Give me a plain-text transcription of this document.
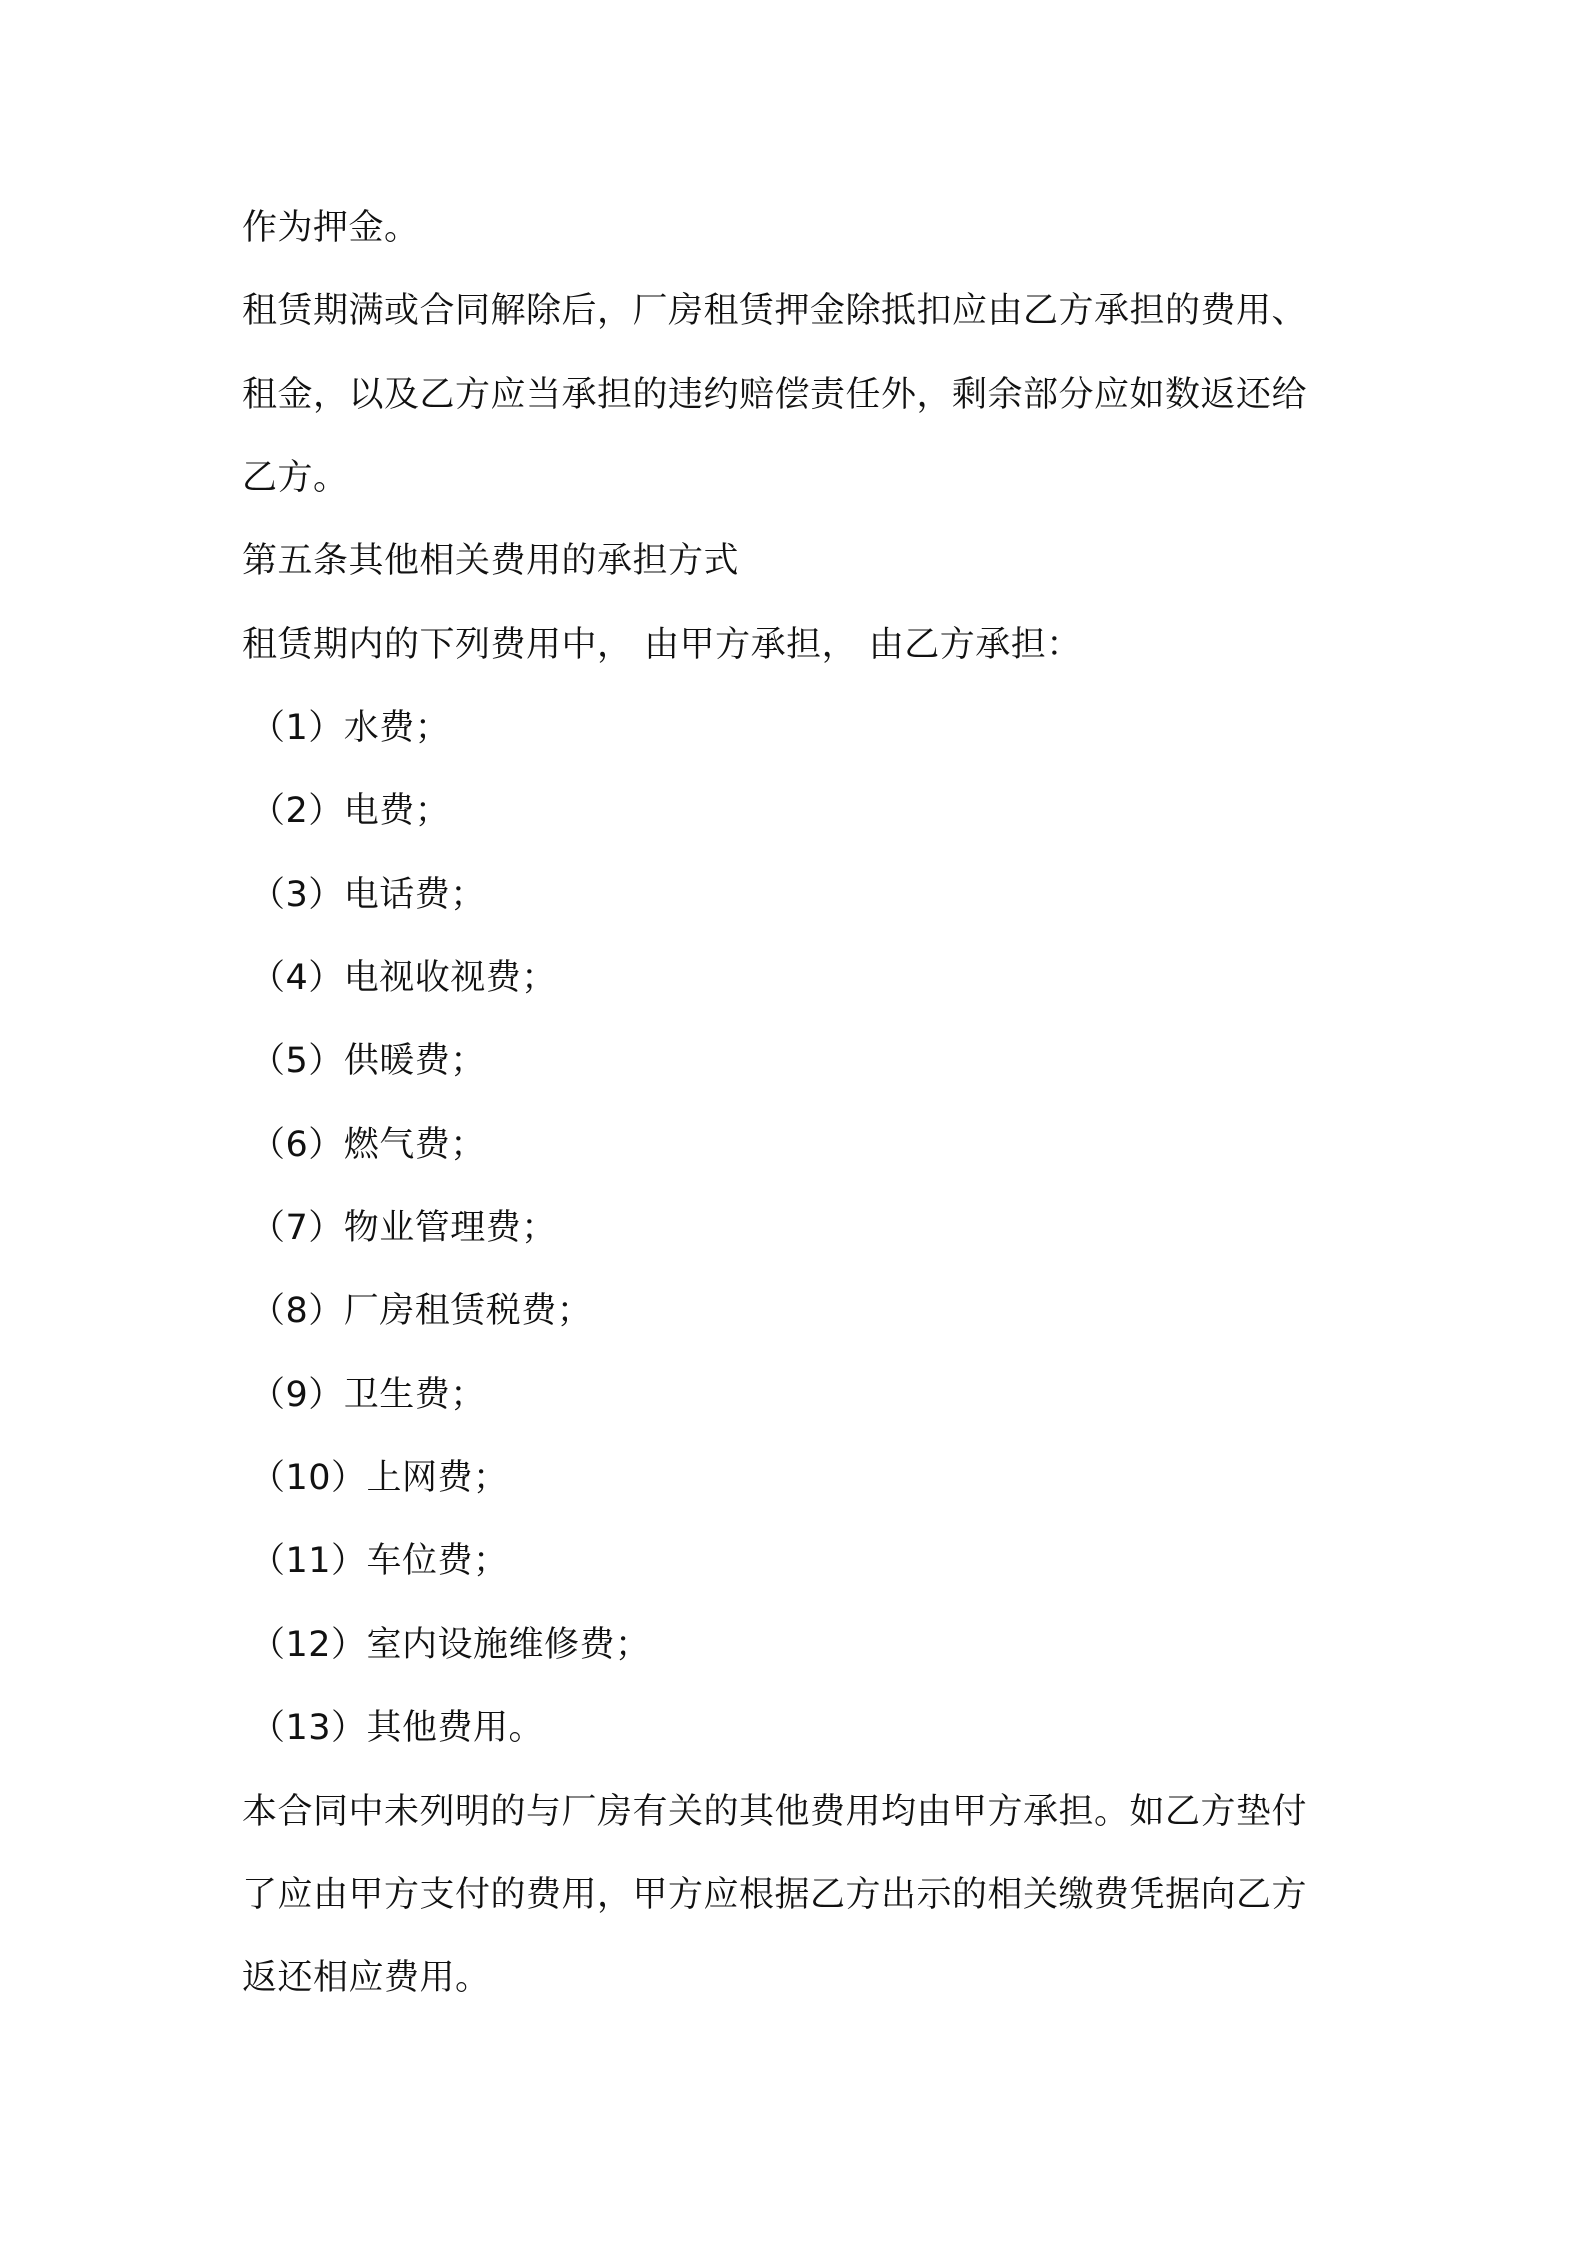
作为押金。
租赁期满或合同解除后，厂房租赁押金除抵扣应由乙方承担的费用、
租金，以及乙方应当承担的违约赔偿责任外，剩余部分应如数返还给
乙方。
第五条其他相关费用的承担方式
租赁期内的下列费用中， 由甲方承担， 由乙方承担：
（1）水费；
（2）电费；
（3）电话费；
（4）电视收视费；
（5）供暖费；
（6）燃气费；
（7）物业管理费；
（8）厂房租赁税费；
（9）卫生费；
（10）上网费；
（11）车位费；
（12）室内设施维修费；
（13）其他费用。
本合同中未列明的与厂房有关的其他费用均由甲方承担。如乙方垫付
了应由甲方支付的费用，甲方应根据乙方出示的相关缴费凭据向乙方
返还相应费用。
